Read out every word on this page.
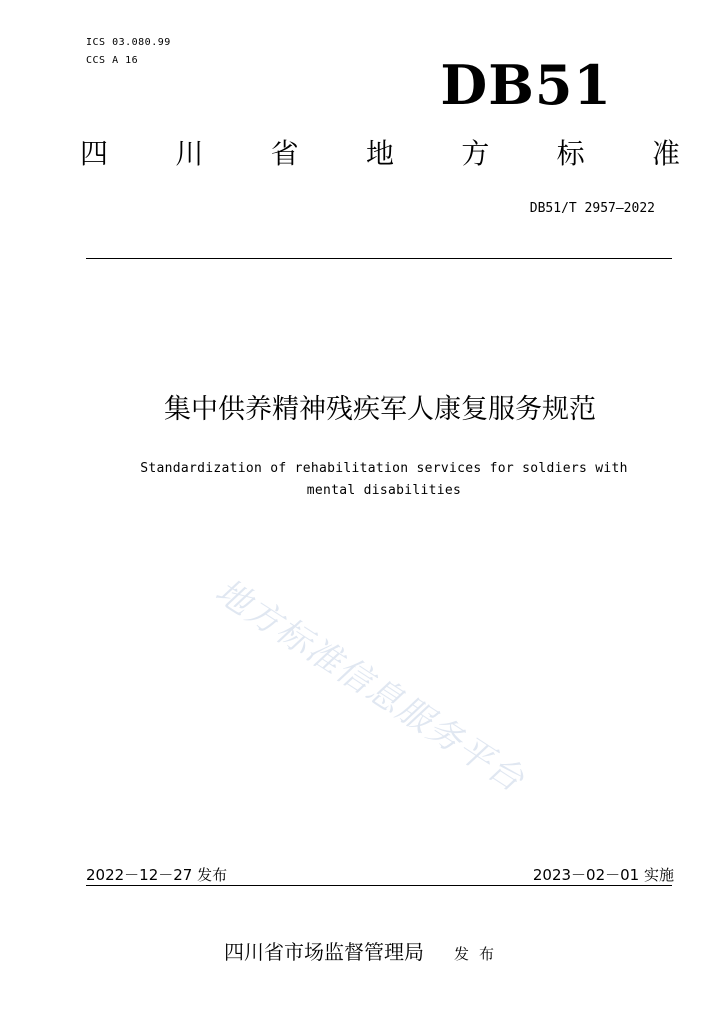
ICS 03.080.99
CCS A 16	DB51
四 川 省 地 方 标 准
DB51/T 2957—2022
集中供养精神残疾军人康复服务规范
Standardization of rehabilitation services for soldiers with
mental disabilities
地方标准信息服务平台
2022－12－27 发布	2023－02－01 实施
四川省市场监督管理局 发布
